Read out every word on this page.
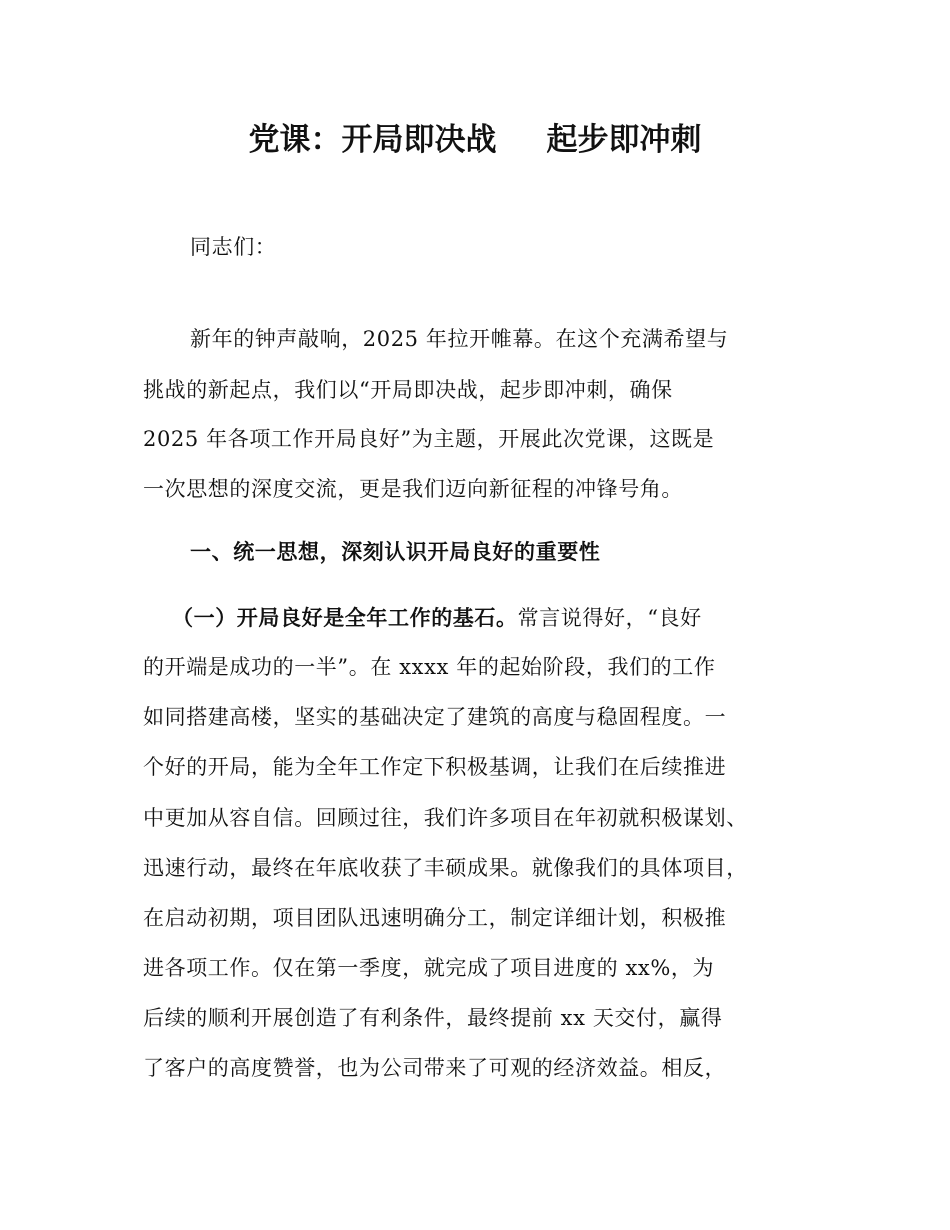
党课：开局即决战 起步即冲刺
同志们：
新年的钟声敲响，2025 年拉开帷幕。在这个充满希望与
挑战的新起点，我们以“开局即决战，起步即冲刺，确保
2025 年各项工作开局良好”为主题，开展此次党课，这既是
一次思想的深度交流，更是我们迈向新征程的冲锋号角。
一、统一思想，深刻认识开局良好的重要性
（一）开局良好是全年工作的基石。常言说得好，“良好
的开端是成功的一半”。在 xxxx 年的起始阶段，我们的工作
如同搭建高楼，坚实的基础决定了建筑的高度与稳固程度。一
个好的开局，能为全年工作定下积极基调，让我们在后续推进
中更加从容自信。回顾过往，我们许多项目在年初就积极谋划、
迅速行动，最终在年底收获了丰硕成果。就像我们的具体项目，
在启动初期，项目团队迅速明确分工，制定详细计划，积极推
进各项工作。仅在第一季度，就完成了项目进度的 xx%，为
后续的顺利开展创造了有利条件，最终提前 xx 天交付，赢得
了客户的高度赞誉，也为公司带来了可观的经济效益。相反，
